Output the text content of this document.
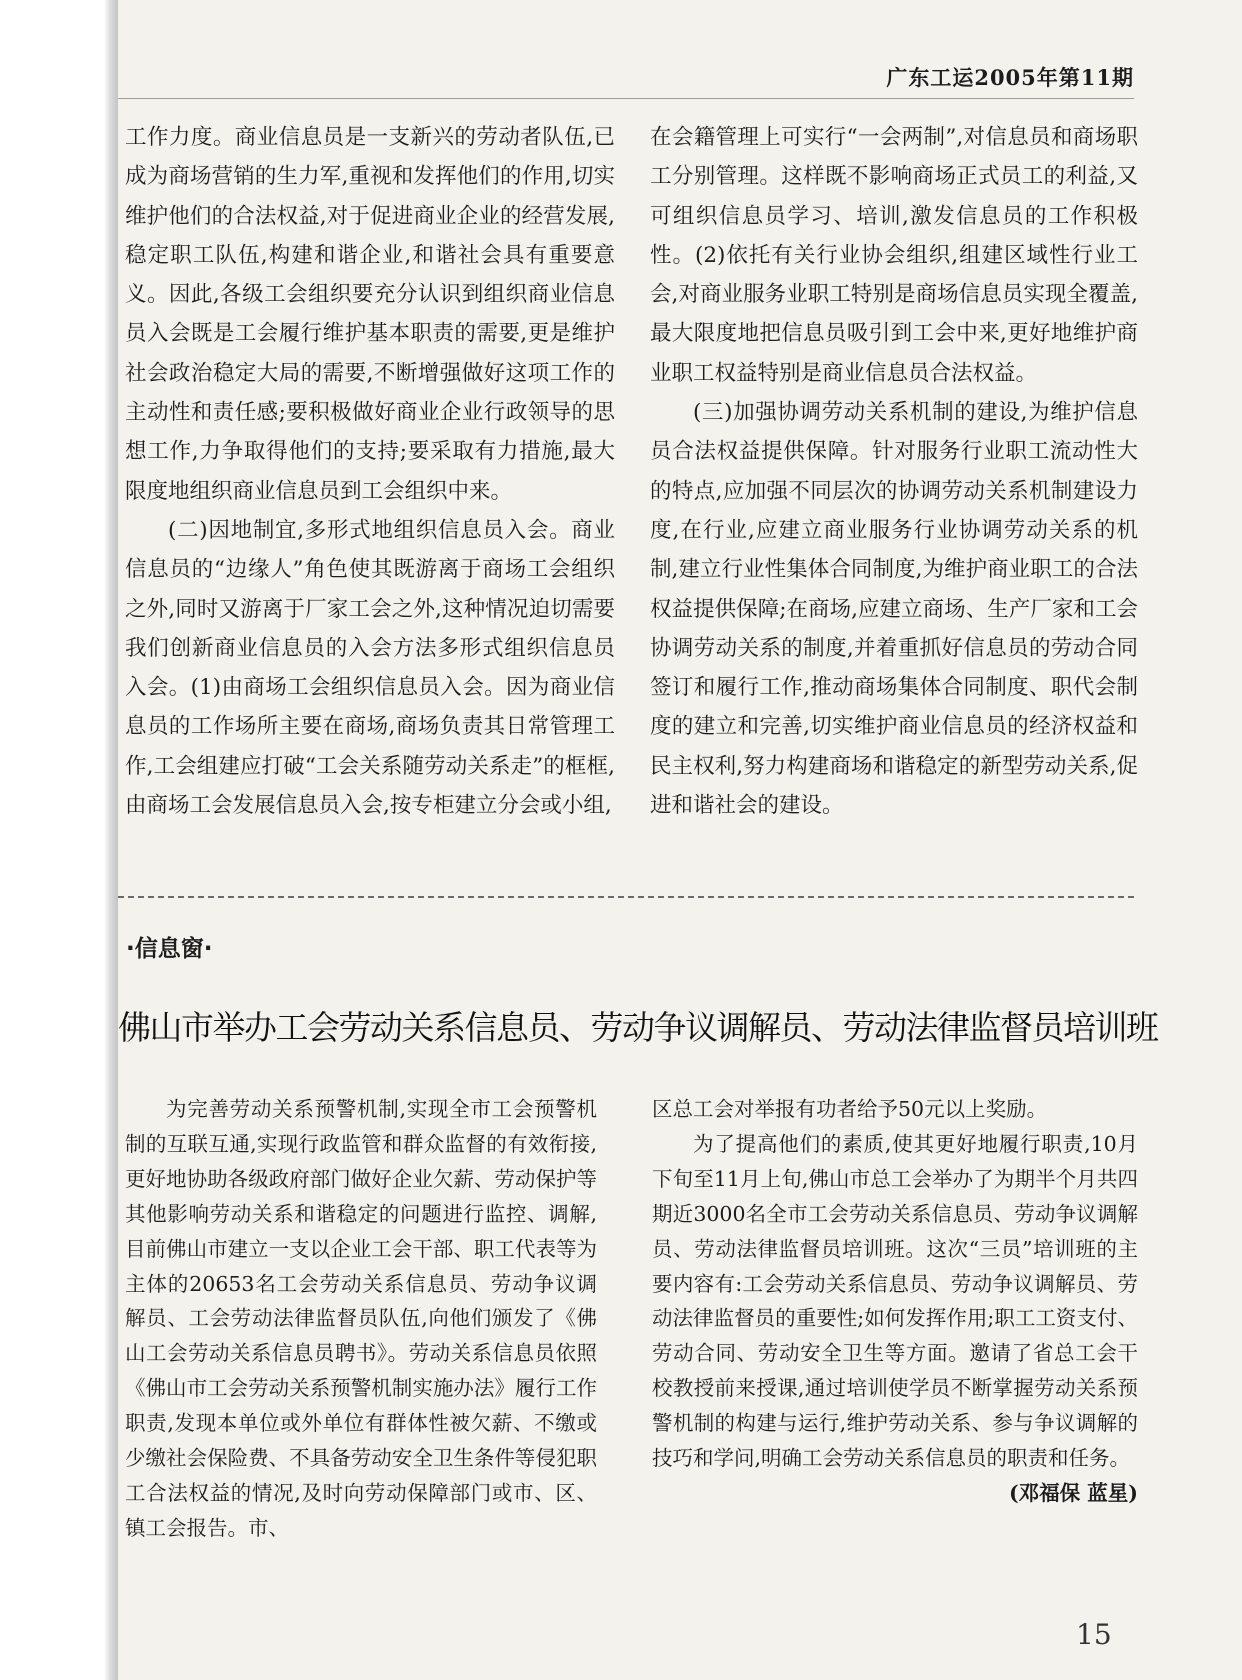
广东工运2005年第11期

工作力度。商业信息员是一支新兴的劳动者队伍,已成为商场营销的生力军,重视和发挥他们的作用,切实维护他们的合法权益,对于促进商业企业的经营发展,稳定职工队伍,构建和谐企业,和谐社会具有重要意义。因此,各级工会组织要充分认识到组织商业信息员入会既是工会履行维护基本职责的需要,更是维护社会政治稳定大局的需要,不断增强做好这项工作的主动性和责任感;要积极做好商业企业行政领导的思想工作,力争取得他们的支持;要采取有力措施,最大限度地组织商业信息员到工会组织中来。

(二)因地制宜,多形式地组织信息员入会。商业信息员的“边缘人”角色使其既游离于商场工会组织之外,同时又游离于厂家工会之外,这种情况迫切需要我们创新商业信息员的入会方法多形式组织信息员入会。(1)由商场工会组织信息员入会。因为商业信息员的工作场所主要在商场,商场负责其日常管理工作,工会组建应打破“工会关系随劳动关系走”的框框,由商场工会发展信息员入会,按专柜建立分会或小组,

在会籍管理上可实行“一会两制”,对信息员和商场职工分别管理。这样既不影响商场正式员工的利益,又可组织信息员学习、培训,激发信息员的工作积极性。(2)依托有关行业协会组织,组建区域性行业工会,对商业服务业职工特别是商场信息员实现全覆盖,最大限度地把信息员吸引到工会中来,更好地维护商业职工权益特别是商业信息员合法权益。

(三)加强协调劳动关系机制的建设,为维护信息员合法权益提供保障。针对服务行业职工流动性大的特点,应加强不同层次的协调劳动关系机制建设力度,在行业,应建立商业服务行业协调劳动关系的机制,建立行业性集体合同制度,为维护商业职工的合法权益提供保障;在商场,应建立商场、生产厂家和工会协调劳动关系的制度,并着重抓好信息员的劳动合同签订和履行工作,推动商场集体合同制度、职代会制度的建立和完善,切实维护商业信息员的经济权益和民主权利,努力构建商场和谐稳定的新型劳动关系,促进和谐社会的建设。

·信息窗·
佛山市举办工会劳动关系信息员、劳动争议调解员、劳动法律监督员培训班

为完善劳动关系预警机制,实现全市工会预警机制的互联互通,实现行政监管和群众监督的有效衔接,更好地协助各级政府部门做好企业欠薪、劳动保护等其他影响劳动关系和谐稳定的问题进行监控、调解,目前佛山市建立一支以企业工会干部、职工代表等为主体的20653名工会劳动关系信息员、劳动争议调解员、工会劳动法律监督员队伍,向他们颁发了《佛山工会劳动关系信息员聘书》。劳动关系信息员依照《佛山市工会劳动关系预警机制实施办法》履行工作职责,发现本单位或外单位有群体性被欠薪、不缴或少缴社会保险费、不具备劳动安全卫生条件等侵犯职工合法权益的情况,及时向劳动保障部门或市、区、镇工会报告。市、

区总工会对举报有功者给予50元以上奖励。

为了提高他们的素质,使其更好地履行职责,10月下旬至11月上旬,佛山市总工会举办了为期半个月共四期近3000名全市工会劳动关系信息员、劳动争议调解员、劳动法律监督员培训班。这次“三员”培训班的主要内容有:工会劳动关系信息员、劳动争议调解员、劳动法律监督员的重要性;如何发挥作用;职工工资支付、劳动合同、劳动安全卫生等方面。邀请了省总工会干校教授前来授课,通过培训使学员不断掌握劳动关系预警机制的构建与运行,维护劳动关系、参与争议调解的技巧和学问,明确工会劳动关系信息员的职责和任务。

(邓福保 蓝星)

15
